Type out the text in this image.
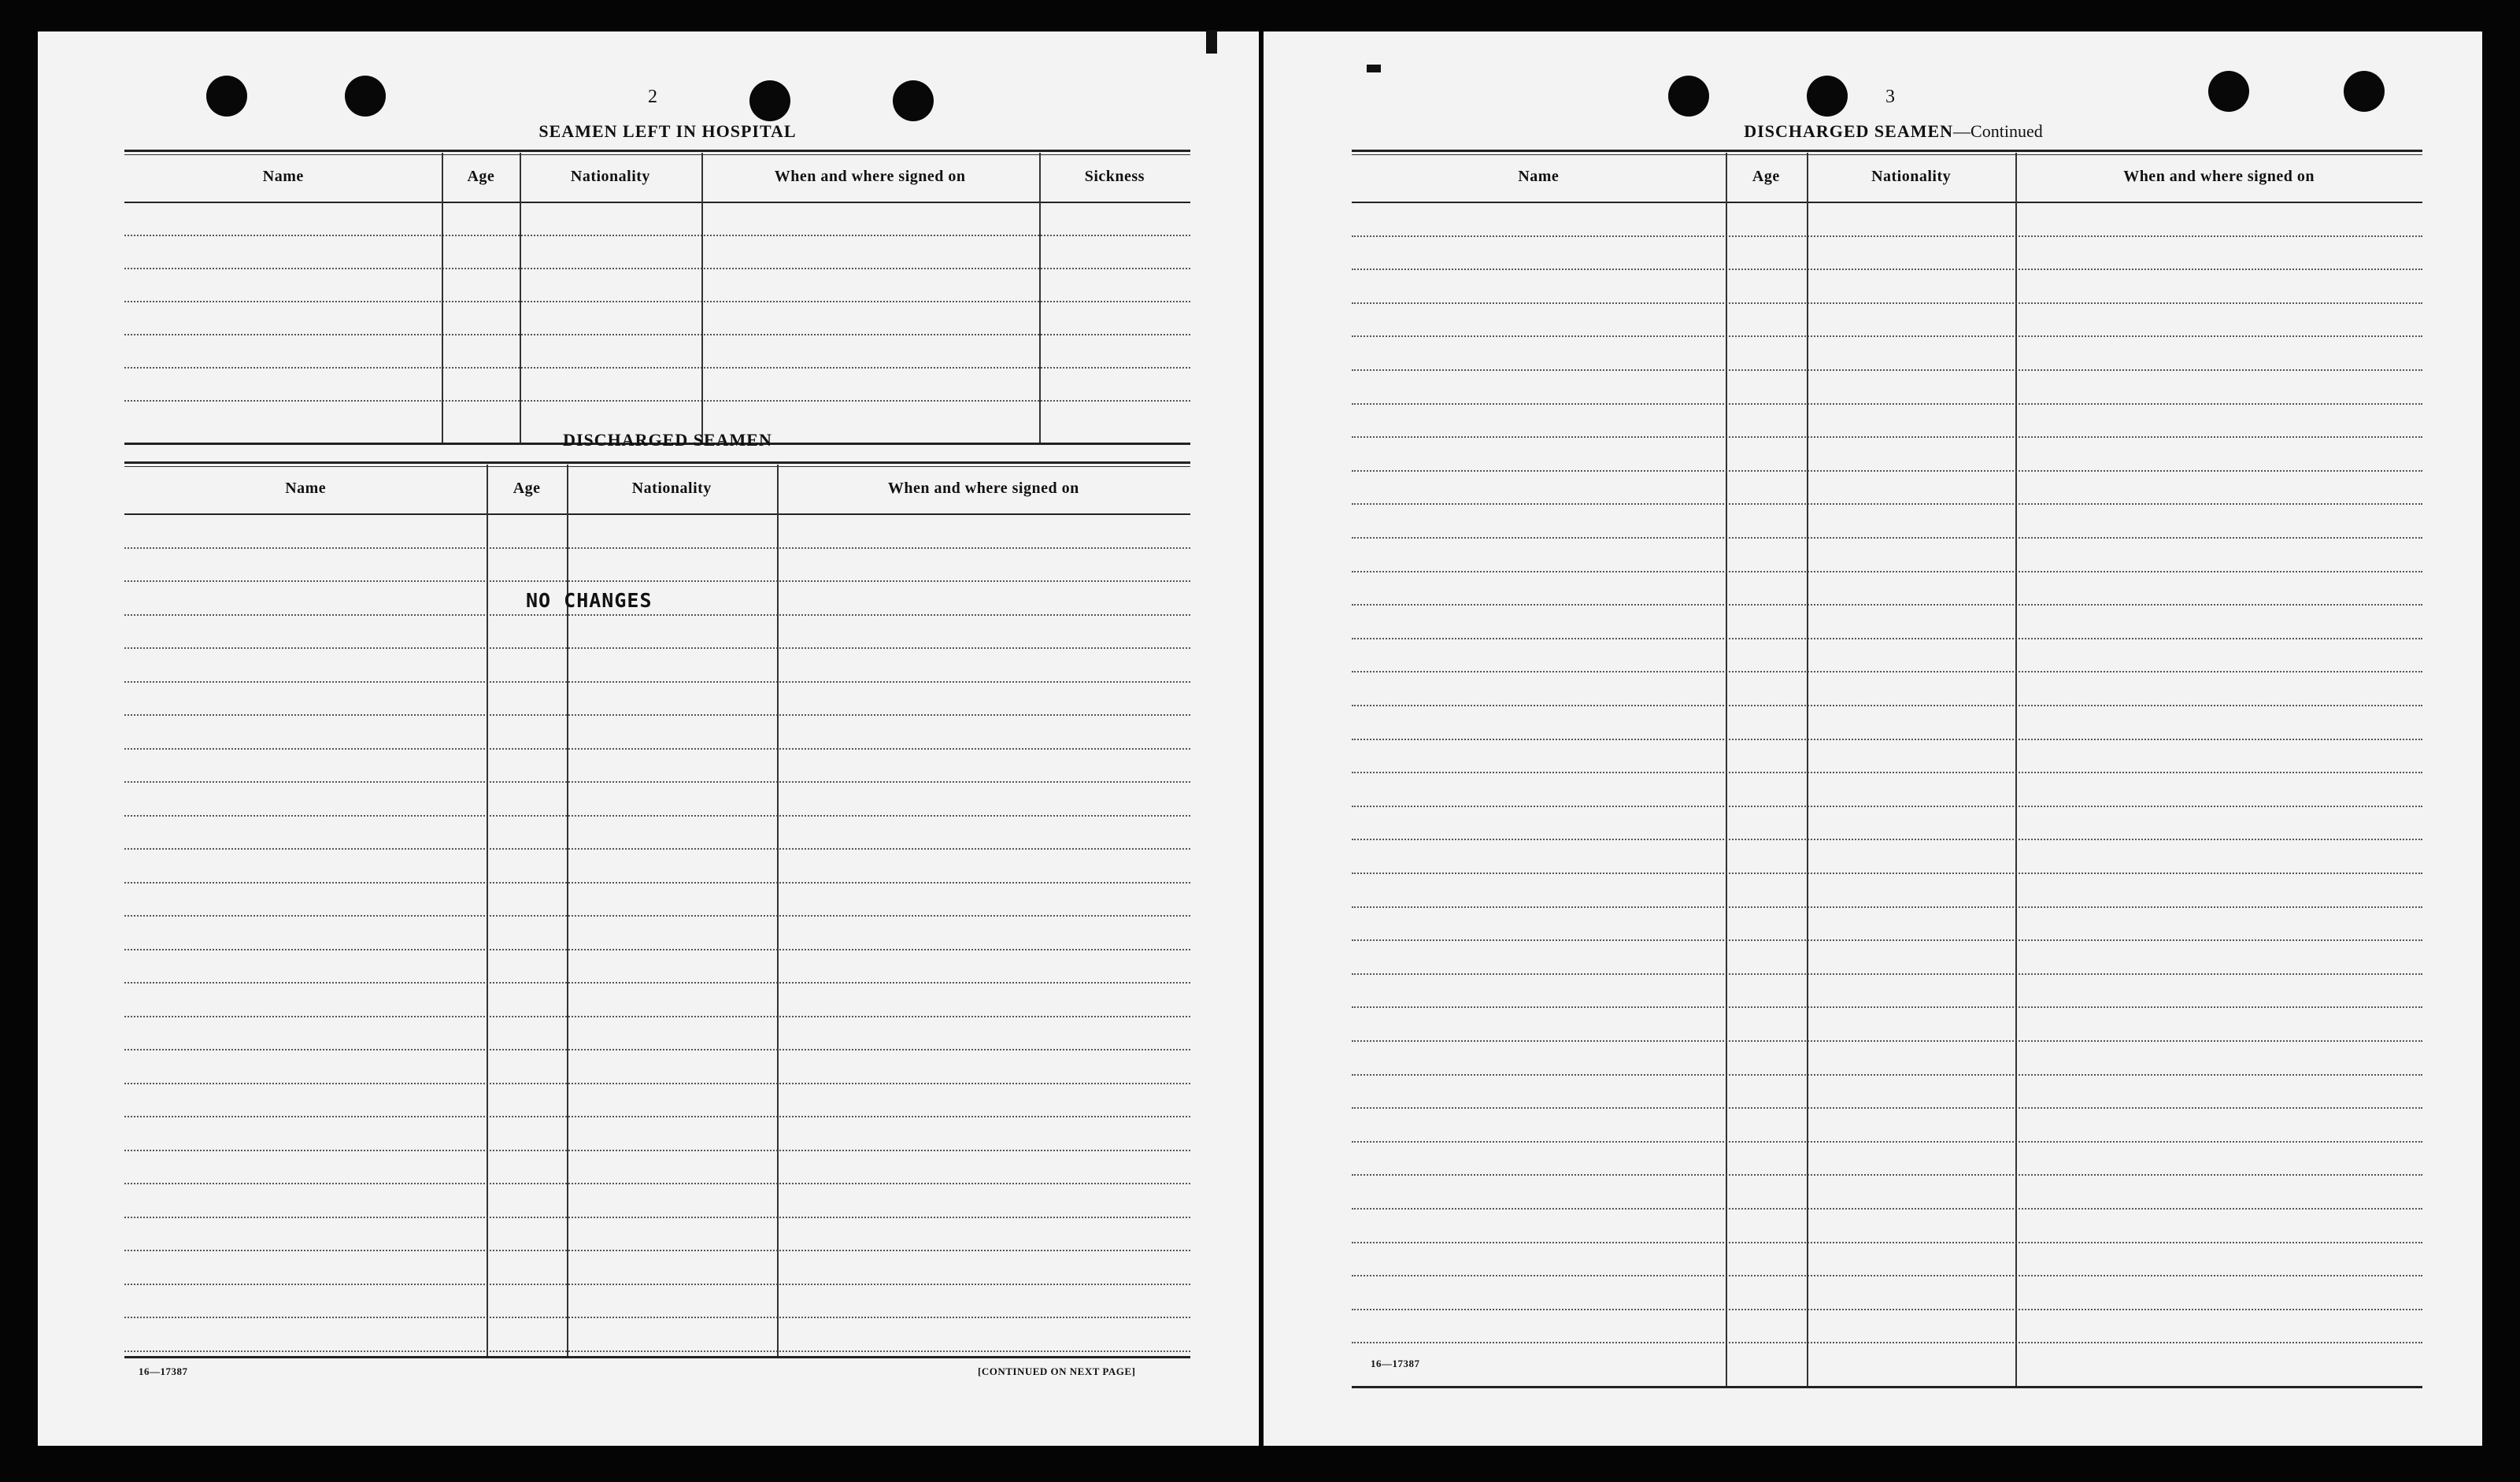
2
SEAMEN LEFT IN HOSPITAL
Name	Age	Nationality	When and where signed on	Sickness
DISCHARGED SEAMEN
Name	Age	Nationality	When and where signed on
NO CHANGES
16—17387	[CONTINUED ON NEXT PAGE]
3
DISCHARGED SEAMEN—Continued
Name	Age	Nationality	When and where signed on
16—17387
